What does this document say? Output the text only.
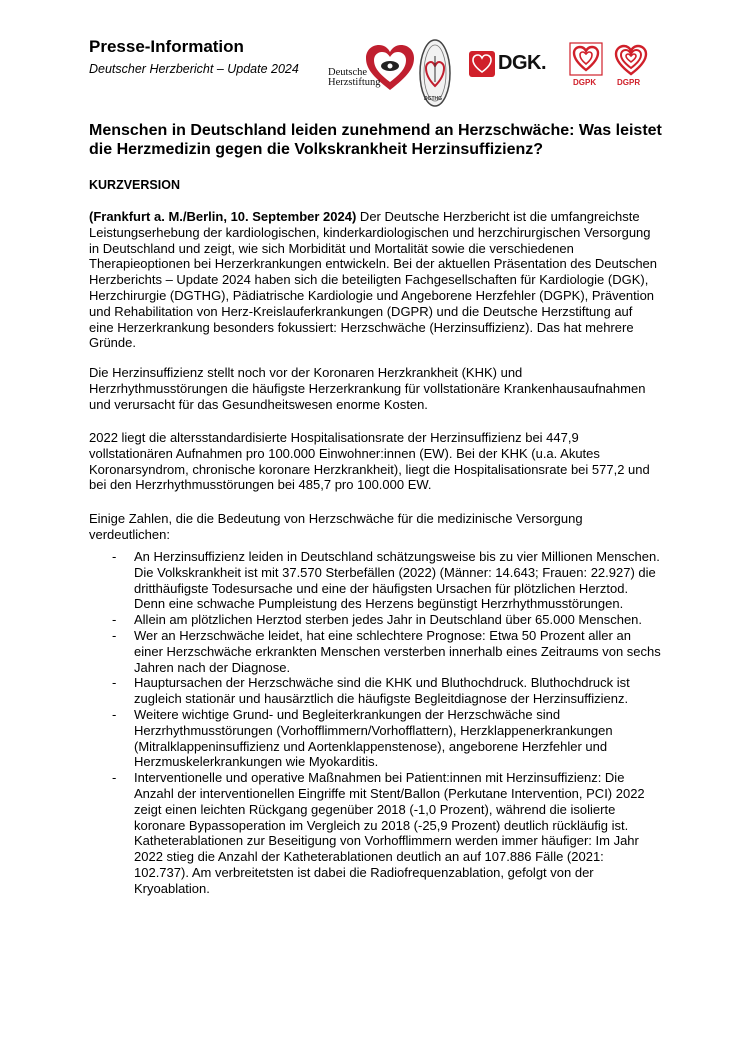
Presse-Information
Deutscher Herzbericht – Update 2024	Deutsche
Herzstiftung
DGTHG
DGK.
DGPK	DGPR
Menschen in Deutschland leiden zunehmend an Herzschwäche: Was leistet die Herzmedizin gegen die Volkskrankheit Herzinsuffizienz?
KURZVERSION
(Frankfurt a. M./Berlin, 10. September 2024) Der Deutsche Herzbericht ist die umfangreichste Leistungserhebung der kardiologischen, kinderkardiologischen und herzchirurgischen Versorgung in Deutschland und zeigt, wie sich Morbidität und Mortalität sowie die verschiedenen Therapieoptionen bei Herzerkrankungen entwickeln. Bei der aktuellen Präsentation des Deutschen Herzberichts – Update 2024 haben sich die beteiligten Fachgesellschaften für Kardiologie (DGK), Herzchirurgie (DGTHG), Pädiatrische Kardiologie und Angeborene Herzfehler (DGPK), Prävention und Rehabilitation von Herz-Kreislauferkrankungen (DGPR) und die Deutsche Herzstiftung auf eine Herzerkrankung besonders fokussiert: Herzschwäche (Herzinsuffizienz). Das hat mehrere Gründe.
Die Herzinsuffizienz stellt noch vor der Koronaren Herzkrankheit (KHK) und Herzrhythmusstörungen die häufigste Herzerkrankung für vollstationäre Krankenhausaufnahmen und verursacht für das Gesundheitswesen enorme Kosten.
2022 liegt die altersstandardisierte Hospitalisationsrate der Herzinsuffizienz bei 447,9 vollstationären Aufnahmen pro 100.000 Einwohner:innen (EW). Bei der KHK (u.a. Akutes Koronarsyndrom, chronische koronare Herzkrankheit), liegt die Hospitalisationsrate bei 577,2 und bei den Herzrhythmusstörungen bei 485,7 pro 100.000 EW.
Einige Zahlen, die die Bedeutung von Herzschwäche für die medizinische Versorgung verdeutlichen:
- An Herzinsuffizienz leiden in Deutschland schätzungsweise bis zu vier Millionen Menschen. Die Volkskrankheit ist mit 37.570 Sterbefällen (2022) (Männer: 14.643; Frauen: 22.927) die dritthäufigste Todesursache und eine der häufigsten Ursachen für plötzlichen Herztod. Denn eine schwache Pumpleistung des Herzens begünstigt Herzrhythmusstörungen.
- Allein am plötzlichen Herztod sterben jedes Jahr in Deutschland über 65.000 Menschen.
- Wer an Herzschwäche leidet, hat eine schlechtere Prognose: Etwa 50 Prozent aller an einer Herzschwäche erkrankten Menschen versterben innerhalb eines Zeitraums von sechs Jahren nach der Diagnose.
- Hauptursachen der Herzschwäche sind die KHK und Bluthochdruck. Bluthochdruck ist zugleich stationär und hausärztlich die häufigste Begleitdiagnose der Herzinsuffizienz.
- Weitere wichtige Grund- und Begleiterkrankungen der Herzschwäche sind Herzrhythmusstörungen (Vorhofflimmern/Vorhofflattern), Herzklappenerkrankungen (Mitralklappeninsuffizienz und Aortenklappenstenose), angeborene Herzfehler und Herzmuskelerkrankungen wie Myokarditis.
- Interventionelle und operative Maßnahmen bei Patient:innen mit Herzinsuffizienz: Die Anzahl der interventionellen Eingriffe mit Stent/Ballon (Perkutane Intervention, PCI) 2022 zeigt einen leichten Rückgang gegenüber 2018 (-1,0 Prozent), während die isolierte koronare Bypassoperation im Vergleich zu 2018 (-25,9 Prozent) deutlich rückläufig ist.
Katheterablationen zur Beseitigung von Vorhofflimmern werden immer häufiger: Im Jahr 2022 stieg die Anzahl der Katheterablationen deutlich an auf 107.886 Fälle (2021: 102.737). Am verbreitetsten ist dabei die Radiofrequenzablation, gefolgt von der Kryoablation.
